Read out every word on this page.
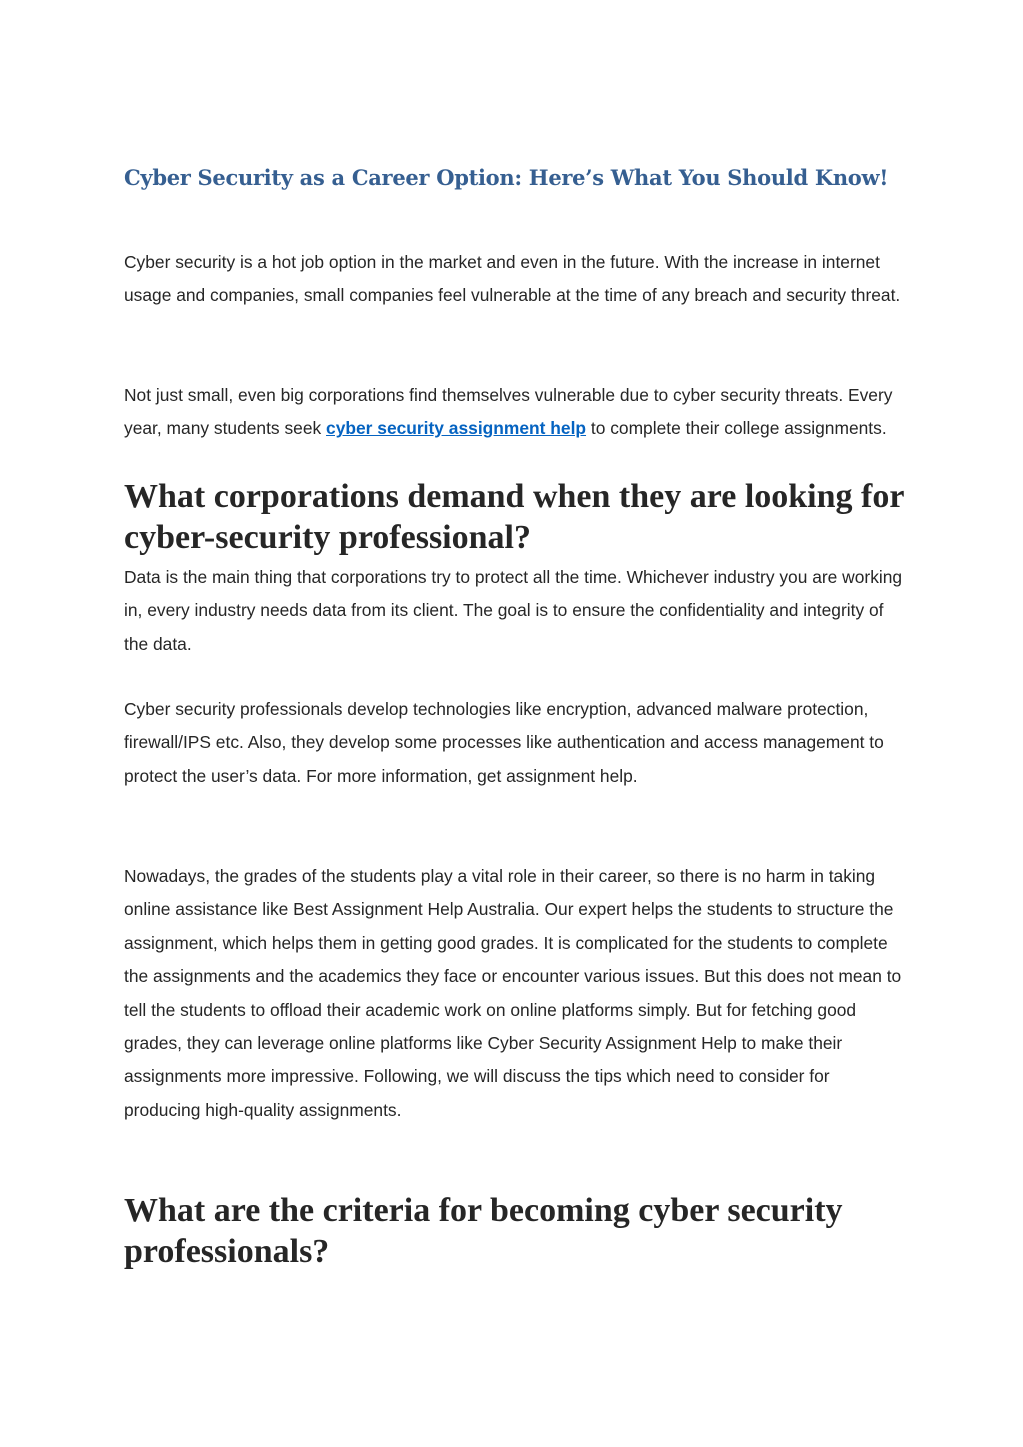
Cyber Security as a Career Option: Here’s What You Should Know!

Cyber security is a hot job option in the market and even in the future. With the increase in internet usage and companies, small companies feel vulnerable at the time of any breach and security threat.

Not just small, even big corporations find themselves vulnerable due to cyber security threats. Every year, many students seek cyber security assignment help to complete their college assignments.

What corporations demand when they are looking for cyber-security professional?

Data is the main thing that corporations try to protect all the time. Whichever industry you are working in, every industry needs data from its client. The goal is to ensure the confidentiality and integrity of the data.

Cyber security professionals develop technologies like encryption, advanced malware protection, firewall/IPS etc. Also, they develop some processes like authentication and access management to protect the user’s data. For more information, get assignment help.

Nowadays, the grades of the students play a vital role in their career, so there is no harm in taking online assistance like Best Assignment Help Australia. Our expert helps the students to structure the assignment, which helps them in getting good grades. It is complicated for the students to complete the assignments and the academics they face or encounter various issues. But this does not mean to tell the students to offload their academic work on online platforms simply. But for fetching good grades, they can leverage online platforms like Cyber Security Assignment Help to make their assignments more impressive. Following, we will discuss the tips which need to consider for producing high-quality assignments.

What are the criteria for becoming cyber security professionals?
